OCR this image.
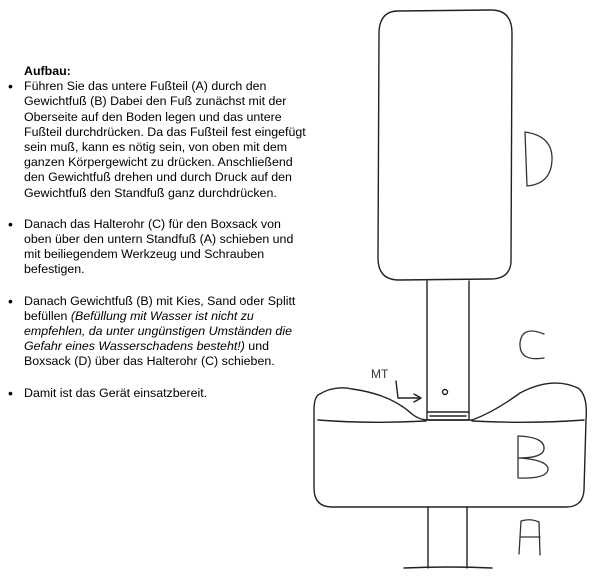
Aufbau:
• Führen Sie das untere Fußteil (A) durch den Gewichtfuß (B) Dabei den Fuß zunächst mit der Oberseite auf den Boden legen und das untere Fußteil durchdrücken. Da das Fußteil fest eingefügt sein muß, kann es nötig sein, von oben mit dem ganzen Körpergewicht zu drücken. Anschließend den Gewichtfuß drehen und durch Druck auf den Gewichtfuß den Standfuß ganz durchdrücken.
• Danach das Halterohr (C) für den Boxsack von oben über den untern Standfuß (A) schieben und mit beiliegendem Werkzeug und Schrauben befestigen.
• Danach Gewichtfuß (B) mit Kies, Sand oder Splitt befüllen (Befüllung mit Wasser ist nicht zu empfehlen, da unter ungünstigen Umständen die Gefahr eines Wasserschadens besteht!) und Boxsack (D) über das Halterohr (C) schieben.
• Damit ist das Gerät einsatzbereit.
MT
D
C
B
A
